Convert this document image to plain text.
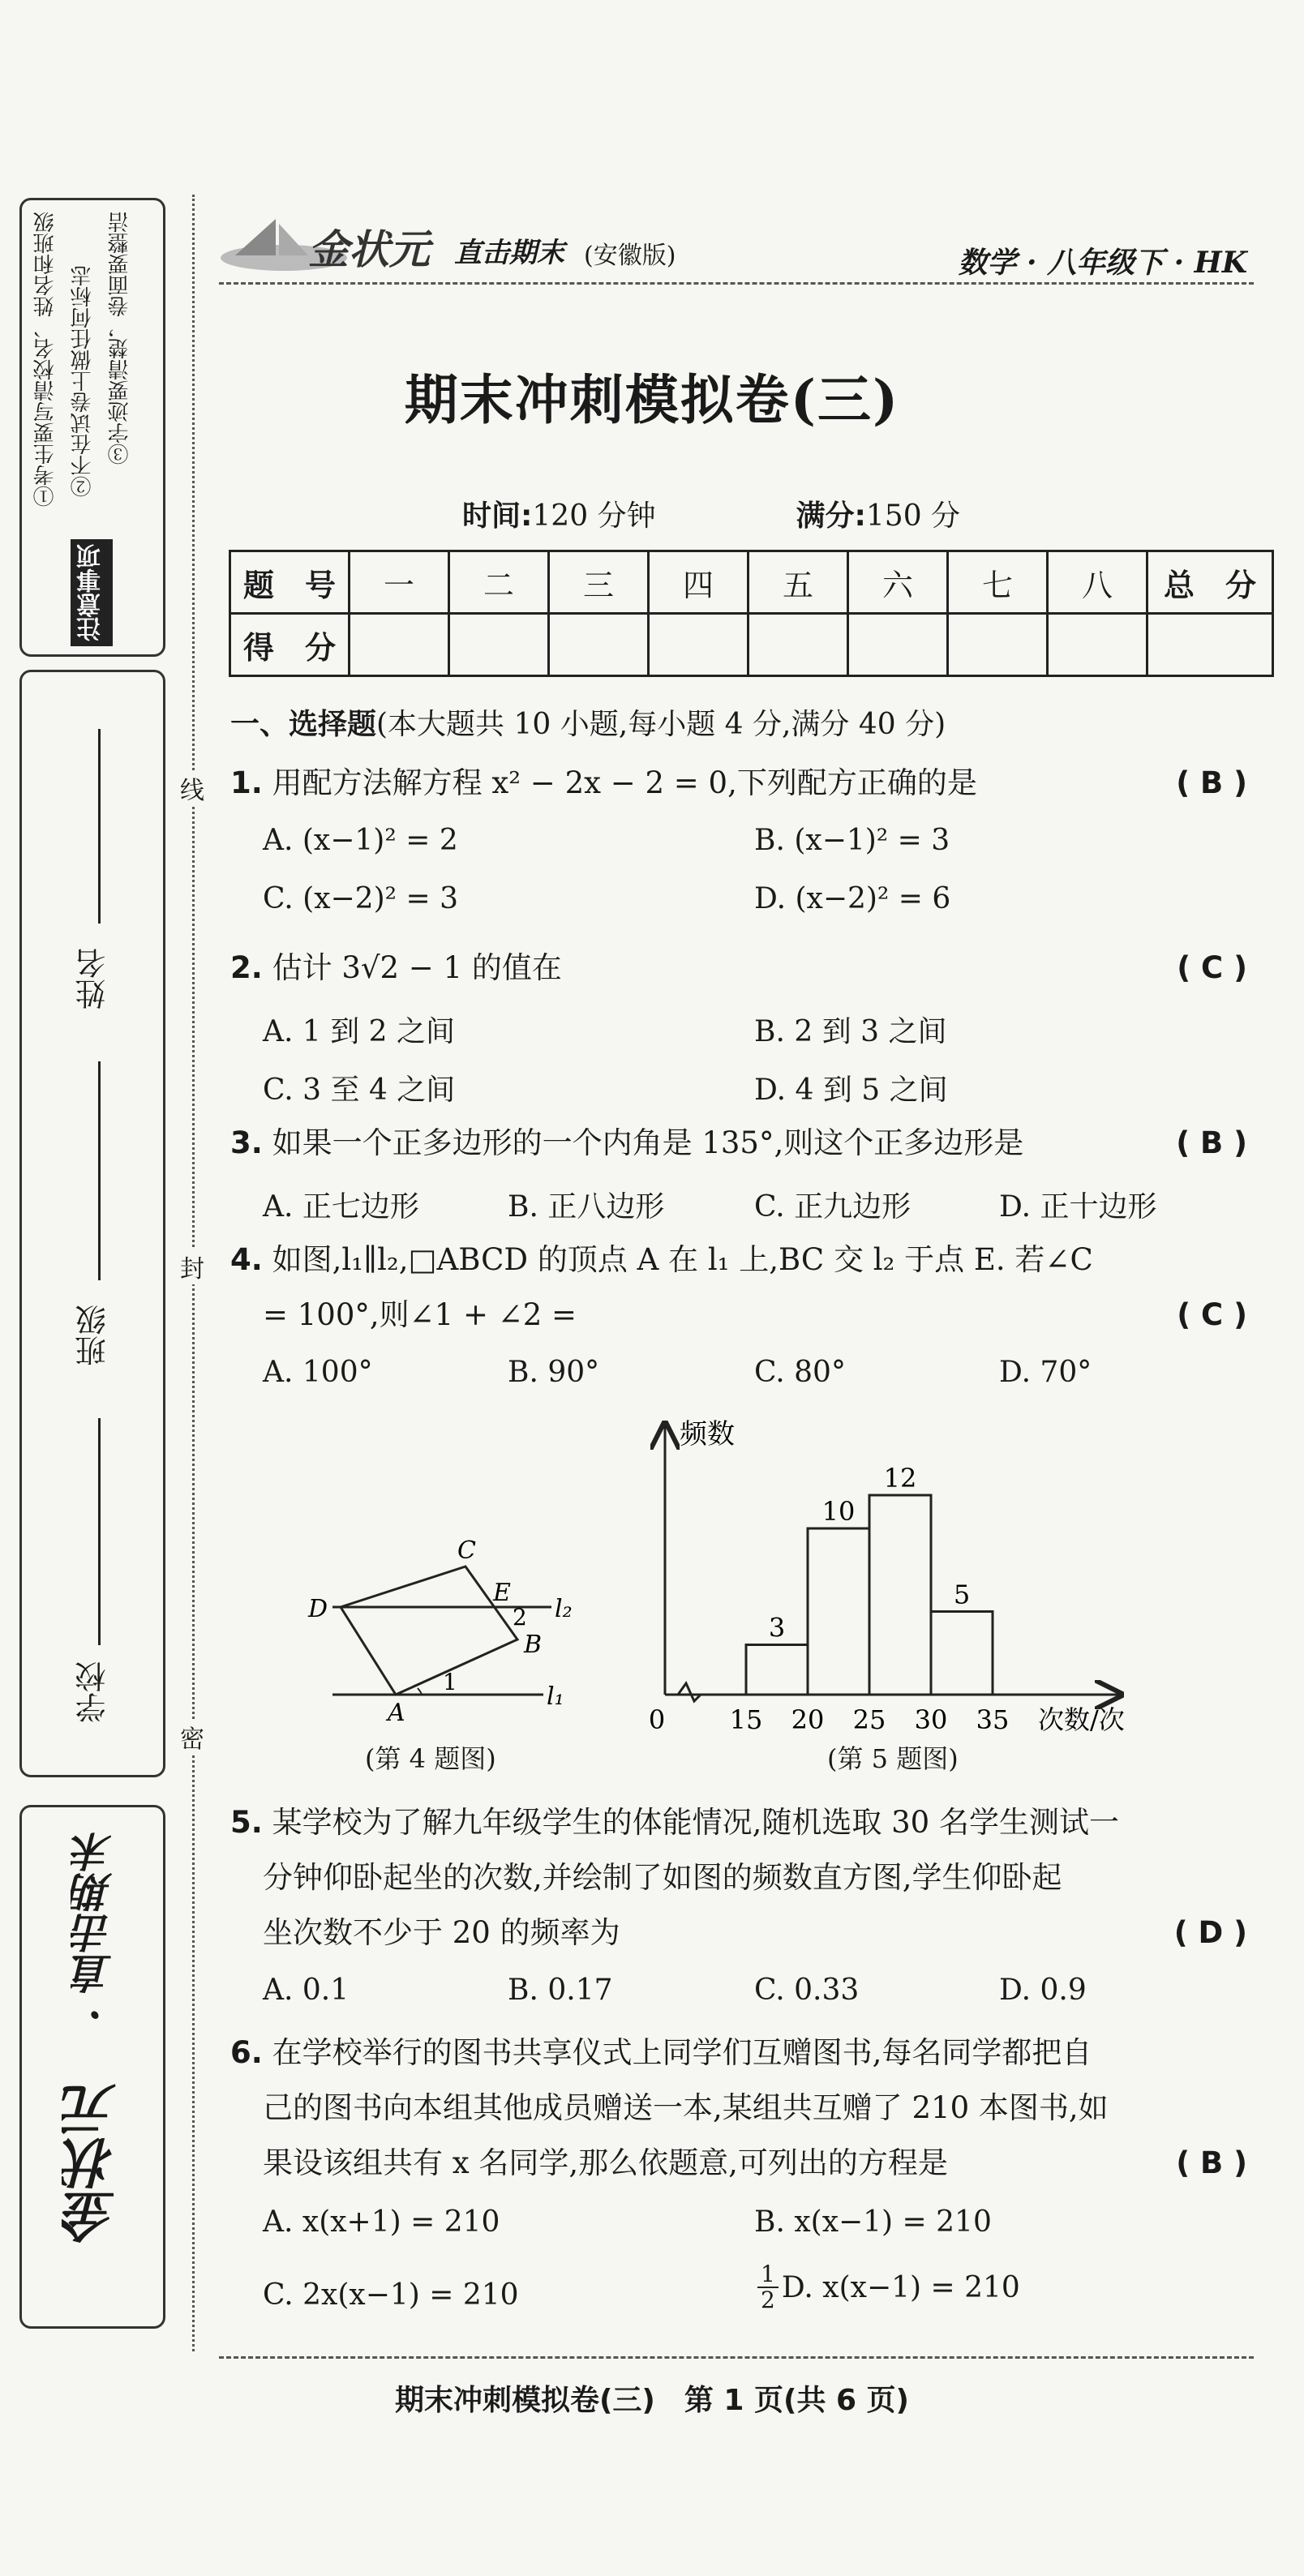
注意事项
①考生要写清校名、姓名和班级 ②不在试卷上做任何标志 ③字迹要清楚，卷面要整洁
姓名
班级
学校
· 直击期末
金状元
线
封
密
金状元 直击期末 (安徽版)	数学 · 八年级下 · HK
期末冲刺模拟卷(三)
时间:120 分钟	满分:150 分
题　号	一	二	三	四	五	六	七	八	总　分
得　分									
一、选择题(本大题共 10 小题,每小题 4 分,满分 40 分)
1. 用配方法解方程 x² − 2x − 2 = 0,下列配方正确的是	( B )
A. (x−1)² = 2	B. (x−1)² = 3
C. (x−2)² = 3	D. (x−2)² = 6
2. 估计 3√2 − 1 的值在	( C )
A. 1 到 2 之间	B. 2 到 3 之间
C. 3 至 4 之间	D. 4 到 5 之间
3. 如果一个正多边形的一个内角是 135°,则这个正多边形是	( B )
A. 正七边形	B. 正八边形	C. 正九边形	D. 正十边形
4. 如图,l₁∥l₂,□ABCD 的顶点 A 在 l₁ 上,BC 交 l₂ 于点 E. 若∠C
= 100°,则∠1 + ∠2 =	( C )
A. 100°	B. 90°	C. 80°	D. 70°
A
B
C
D
E
l₂
l₁
1
2
(第 4 题图)
频数
次数/次
3
10
12
5
0 15 20 25 30 35
(第 5 题图)
5. 某学校为了解九年级学生的体能情况,随机选取 30 名学生测试一
分钟仰卧起坐的次数,并绘制了如图的频数直方图,学生仰卧起
坐次数不少于 20 的频率为	( D )
A. 0.1	B. 0.17	C. 0.33	D. 0.9
6. 在学校举行的图书共享仪式上同学们互赠图书,每名同学都把自
己的图书向本组其他成员赠送一本,某组共互赠了 210 本图书,如
果设该组共有 x 名同学,那么依题意,可列出的方程是	( B )
A. x(x+1) = 210	B. x(x−1) = 210
C. 2x(x−1) = 210	$\frac{1}{2} D$. x(x−1) = 210
期末冲刺模拟卷(三)　第 1 页(共 6 页)
